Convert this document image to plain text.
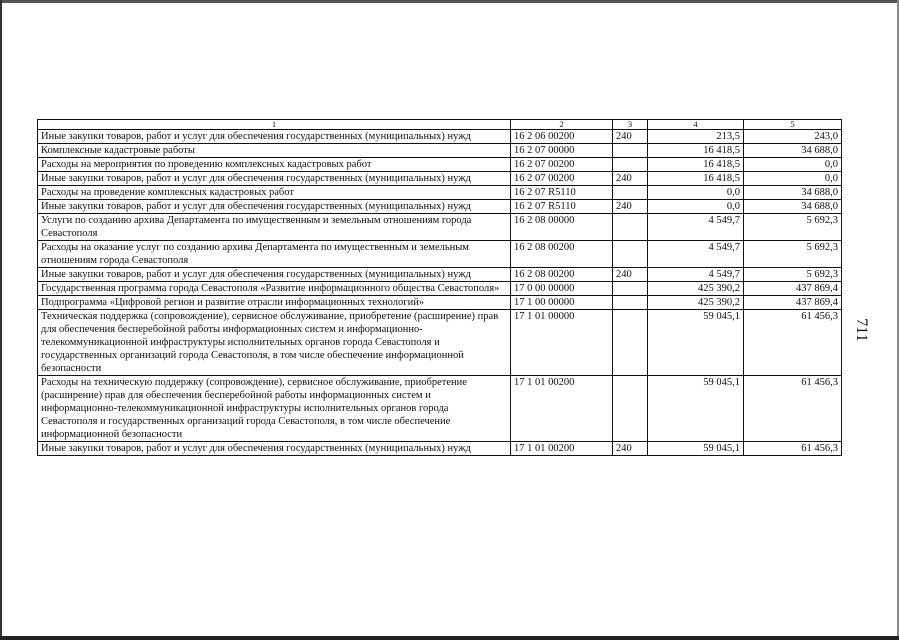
1	2	3	4	5
Иные закупки товаров, работ и услуг для обеспечения государственных (муниципальных) нужд	16 2 06 00200	240	213,5	243,0
Комплексные кадастровые работы	16 2 07 00000		16 418,5	34 688,0
Расходы на мероприятия по проведению комплексных кадастровых работ	16 2 07 00200		16 418,5	0,0
Иные закупки товаров, работ и услуг для обеспечения государственных (муниципальных) нужд	16 2 07 00200	240	16 418,5	0,0
Расходы на проведение комплексных кадастровых работ	16 2 07 R5110		0,0	34 688,0
Иные закупки товаров, работ и услуг для обеспечения государственных (муниципальных) нужд	16 2 07 R5110	240	0,0	34 688,0
Услуги по созданию архива Департамента по имущественным и земельным отношениям города Севастополя	16 2 08 00000		4 549,7	5 692,3
Расходы на оказание услуг по созданию архива Департамента по имущественным и земельным отношениям города Севастополя	16 2 08 00200		4 549,7	5 692,3
Иные закупки товаров, работ и услуг для обеспечения государственных (муниципальных) нужд	16 2 08 00200	240	4 549,7	5 692,3
Государственная программа города Севастополя «Развитие информационного общества Севастополя»	17 0 00 00000		425 390,2	437 869,4
Подпрограмма «Цифровой регион и развитие отрасли информационных технологий»	17 1 00 00000		425 390,2	437 869,4
Техническая поддержка (сопровождение), сервисное обслуживание, приобретение (расширение) прав для обеспечения бесперебойной работы информационных систем и информационно-телекоммуникационной инфраструктуры исполнительных органов города Севастополя и государственных организаций города Севастополя, в том числе обеспечение информационной безопасности	17 1 01 00000		59 045,1	61 456,3
Расходы на техническую поддержку (сопровождение), сервисное обслуживание, приобретение (расширение) прав для обеспечения бесперебойной работы информационных систем и информационно-телекоммуникационной инфраструктуры исполнительных органов города Севастополя и государственных организаций города Севастополя, в том числе обеспечение информационной безопасности	17 1 01 00200		59 045,1	61 456,3
Иные закупки товаров, работ и услуг для обеспечения государственных (муниципальных) нужд	17 1 01 00200	240	59 045,1	61 456,3
711
